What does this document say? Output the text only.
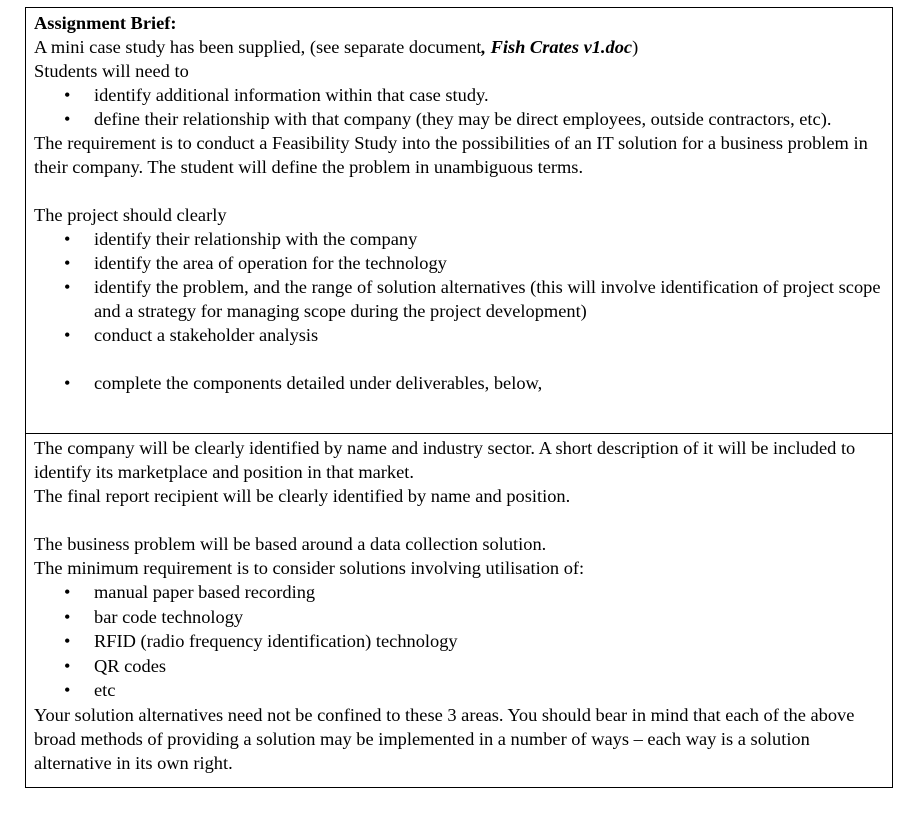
Assignment Brief:

A mini case study has been supplied, (see separate document, Fish Crates v1.doc)

Students will need to

• identify additional information within that case study.
• define their relationship with that company (they may be direct employees, outside contractors, etc).

The requirement is to conduct a Feasibility Study into the possibilities of an IT solution for a business problem in their company. The student will define the problem in unambiguous terms.

The project should clearly

• identify their relationship with the company
• identify the area of operation for the technology
• identify the problem, and the range of solution alternatives (this will involve identification of project scope and a strategy for managing scope during the project development)
• conduct a stakeholder analysis
• complete the components detailed under deliverables, below,

The company will be clearly identified by name and industry sector. A short description of it will be included to identify its marketplace and position in that market.

The final report recipient will be clearly identified by name and position.

The business problem will be based around a data collection solution.

The minimum requirement is to consider solutions involving utilisation of:

• manual paper based recording
• bar code technology
• RFID (radio frequency identification) technology
• QR codes
• etc

Your solution alternatives need not be confined to these 3 areas. You should bear in mind that each of the above broad methods of providing a solution may be implemented in a number of ways – each way is a solution alternative in its own right.
